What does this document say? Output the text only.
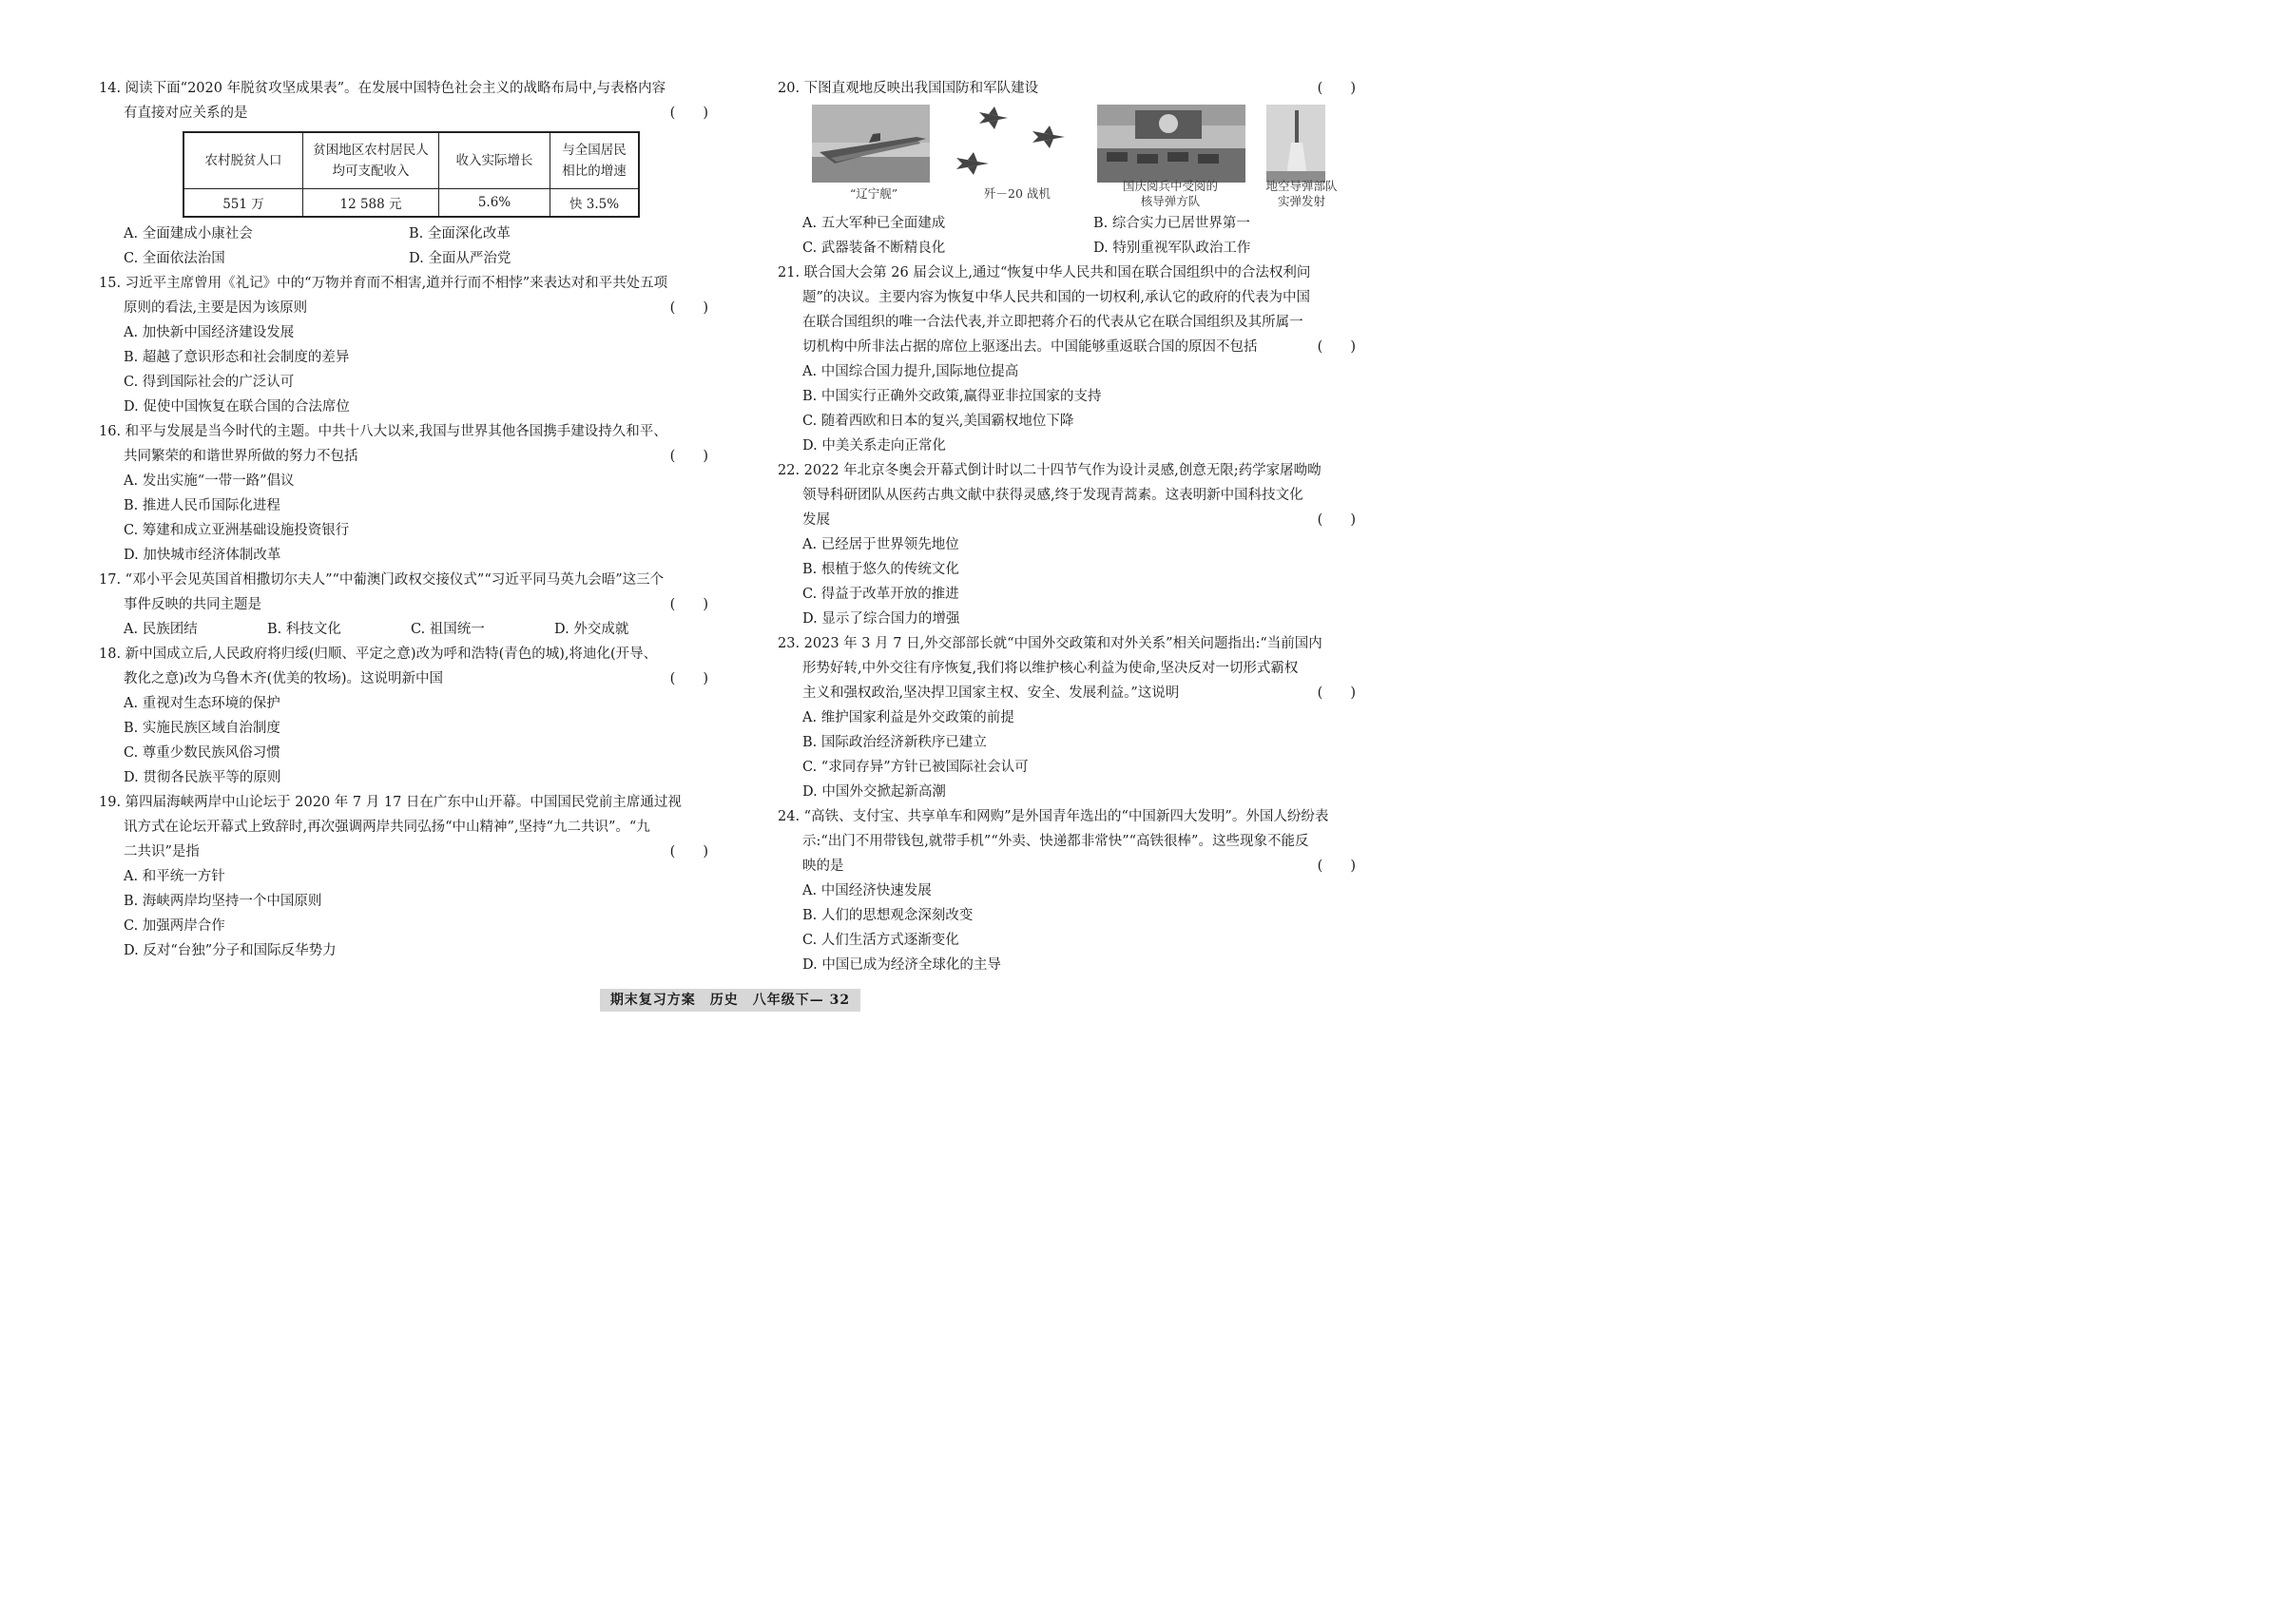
14. 阅读下面“2020 年脱贫攻坚成果表”。在发展中国特色社会主义的战略布局中,与表格内容
有直接对应关系的是	(　　)
农村脱贫人口	贫困地区农村居民人均可支配收入	收入实际增长	与全国居民相比的增速
551 万	12 588 元	5.6%	快 3.5%
A. 全面建成小康社会	B. 全面深化改革
C. 全面依法治国	D. 全面从严治党
15. 习近平主席曾用《礼记》中的“万物并育而不相害,道并行而不相悖”来表达对和平共处五项
原则的看法,主要是因为该原则	(　　)
A. 加快新中国经济建设发展
B. 超越了意识形态和社会制度的差异
C. 得到国际社会的广泛认可
D. 促使中国恢复在联合国的合法席位
16. 和平与发展是当今时代的主题。中共十八大以来,我国与世界其他各国携手建设持久和平、
共同繁荣的和谐世界所做的努力不包括	(　　)
A. 发出实施“一带一路”倡议
B. 推进人民币国际化进程
C. 筹建和成立亚洲基础设施投资银行
D. 加快城市经济体制改革
17. “邓小平会见英国首相撒切尔夫人”“中葡澳门政权交接仪式”“习近平同马英九会晤”这三个
事件反映的共同主题是	(　　)
A. 民族团结	B. 科技文化	C. 祖国统一	D. 外交成就
18. 新中国成立后,人民政府将归绥(归顺、平定之意)改为呼和浩特(青色的城),将迪化(开导、
教化之意)改为乌鲁木齐(优美的牧场)。这说明新中国	(　　)
A. 重视对生态环境的保护
B. 实施民族区域自治制度
C. 尊重少数民族风俗习惯
D. 贯彻各民族平等的原则
19. 第四届海峡两岸中山论坛于 2020 年 7 月 17 日在广东中山开幕。中国国民党前主席通过视
讯方式在论坛开幕式上致辞时,再次强调两岸共同弘扬“中山精神”,坚持“九二共识”。“九
二共识”是指	(　　)
A. 和平统一方针
B. 海峡两岸均坚持一个中国原则
C. 加强两岸合作
D. 反对“台独”分子和国际反华势力
20. 下图直观地反映出我国国防和军队建设	(　　)
“辽宁舰”	歼－20 战机
国庆阅兵中受阅的
核导弹方队
地空导弹部队
实弹发射
A. 五大军种已全面建成	B. 综合实力已居世界第一
C. 武器装备不断精良化	D. 特别重视军队政治工作
21. 联合国大会第 26 届会议上,通过“恢复中华人民共和国在联合国组织中的合法权利问
题”的决议。主要内容为恢复中华人民共和国的一切权利,承认它的政府的代表为中国
在联合国组织的唯一合法代表,并立即把蒋介石的代表从它在联合国组织及其所属一
切机构中所非法占据的席位上驱逐出去。中国能够重返联合国的原因不包括	(　　)
A. 中国综合国力提升,国际地位提高
B. 中国实行正确外交政策,赢得亚非拉国家的支持
C. 随着西欧和日本的复兴,美国霸权地位下降
D. 中美关系走向正常化
22. 2022 年北京冬奥会开幕式倒计时以二十四节气作为设计灵感,创意无限;药学家屠呦呦
领导科研团队从医药古典文献中获得灵感,终于发现青蒿素。这表明新中国科技文化
发展	(　　)
A. 已经居于世界领先地位
B. 根植于悠久的传统文化
C. 得益于改革开放的推进
D. 显示了综合国力的增强
23. 2023 年 3 月 7 日,外交部部长就“中国外交政策和对外关系”相关问题指出:“当前国内
形势好转,中外交往有序恢复,我们将以维护核心利益为使命,坚决反对一切形式霸权
主义和强权政治,坚决捍卫国家主权、安全、发展利益。”这说明	(　　)
A. 维护国家利益是外交政策的前提
B. 国际政治经济新秩序已建立
C. “求同存异”方针已被国际社会认可
D. 中国外交掀起新高潮
24. “高铁、支付宝、共享单车和网购”是外国青年选出的“中国新四大发明”。外国人纷纷表
示:“出门不用带钱包,就带手机”“外卖、快递都非常快”“高铁很棒”。这些现象不能反
映的是	(　　)
A. 中国经济快速发展
B. 人们的思想观念深刻改变
C. 人们生活方式逐渐变化
D. 中国已成为经济全球化的主导
期末复习方案　历史　八年级下— 32
